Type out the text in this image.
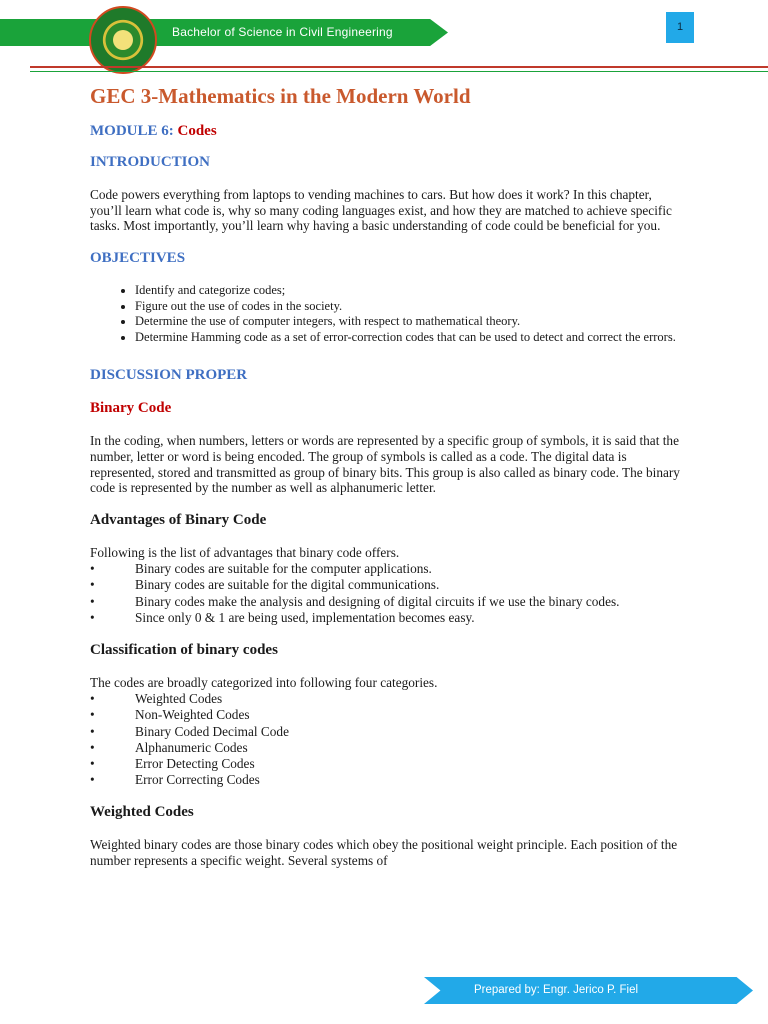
Bachelor of Science in Civil Engineering	1
GEC 3-Mathematics in the Modern World
MODULE 6: Codes
INTRODUCTION

Code powers everything from laptops to vending machines to cars. But how does it work? In this chapter, you’ll learn what code is, why so many coding languages exist, and how they are matched to achieve specific tasks. Most importantly, you’ll learn why having a basic understanding of code could be beneficial for you.

OBJECTIVES
• Identify and categorize codes;
• Figure out the use of codes in the society.
• Determine the use of computer integers, with respect to mathematical theory.
• Determine Hamming code as a set of error-correction codes that can be used to detect and correct the errors.
DISCUSSION PROPER
Binary Code

In the coding, when numbers, letters or words are represented by a specific group of symbols, it is said that the number, letter or word is being encoded. The group of symbols is called as a code. The digital data is represented, stored and transmitted as group of binary bits. This group is also called as binary code. The binary code is represented by the number as well as alphanumeric letter.

Advantages of Binary Code
Following is the list of advantages that binary code offers.
•	Binary codes are suitable for the computer applications.
•	Binary codes are suitable for the digital communications.
•	Binary codes make the analysis and designing of digital circuits if we use the binary codes.
•	Since only 0 & 1 are being used, implementation becomes easy.
Classification of binary codes
The codes are broadly categorized into following four categories.
•	Weighted Codes
•	Non-Weighted Codes
•	Binary Coded Decimal Code
•	Alphanumeric Codes
•	Error Detecting Codes
•	Error Correcting Codes
Weighted Codes

Weighted binary codes are those binary codes which obey the positional weight principle. Each position of the number represents a specific weight. Several systems of

Prepared by: Engr. Jerico P. Fiel
